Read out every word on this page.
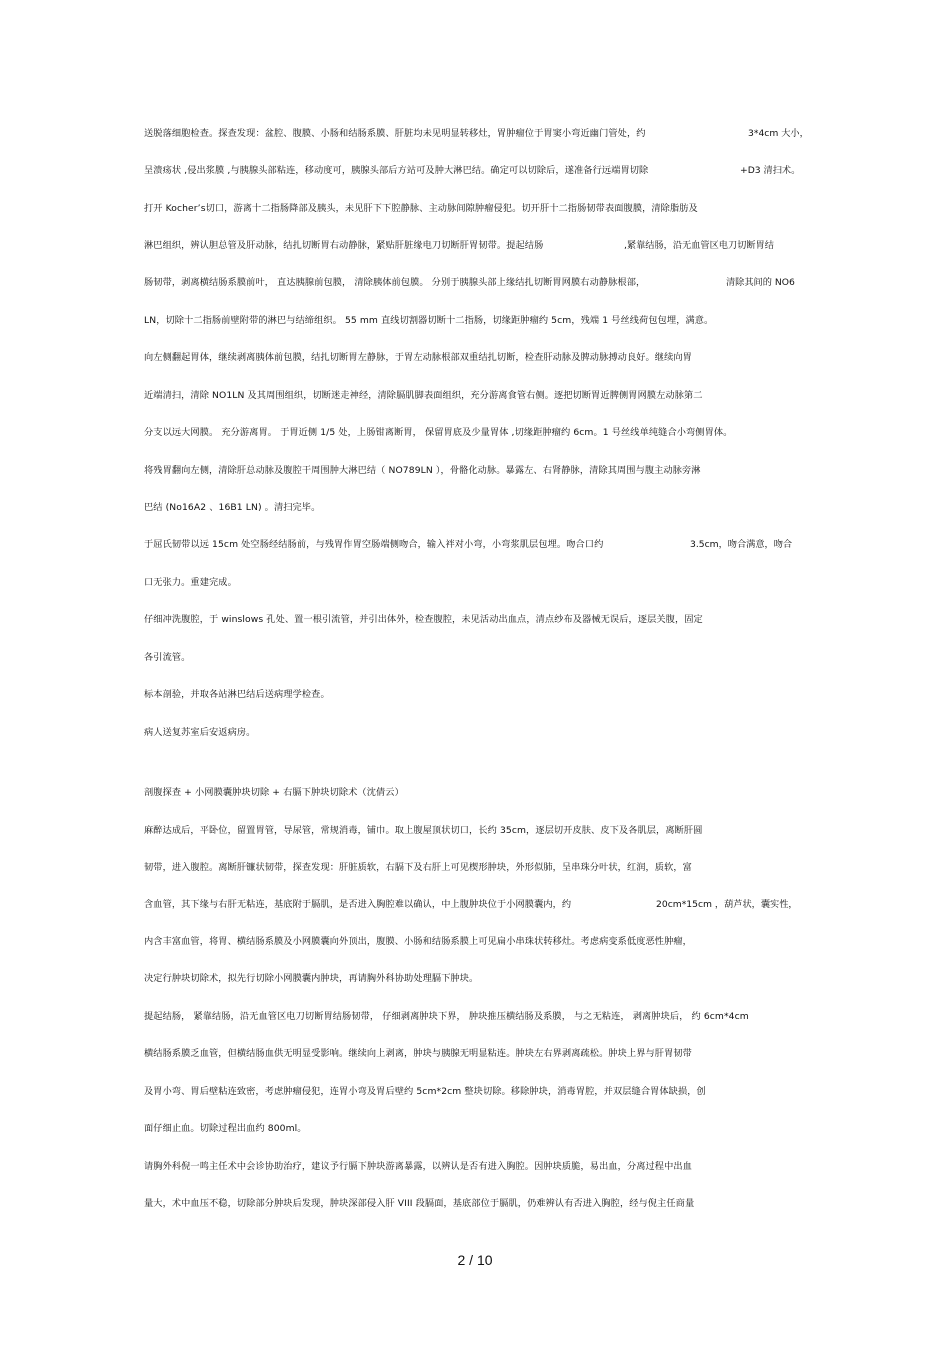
送脱落细胞检查。探查发现：盆腔、腹膜、小肠和结肠系膜、肝脏均未见明显转移灶，胃肿瘤位于胃窦小弯近幽门管处，约	3*4cm 大小，
呈溃疡状 ,侵出浆膜 ,与胰腺头部粘连，移动度可，胰腺头部后方站可及肿大淋巴结。确定可以切除后，遂准备行远端胃切除	+D3 清扫术。
打开 Kocher’s切口，游离十二指肠降部及胰头，未见肝下下腔静脉、主动脉间隙肿瘤侵犯。切开肝十二指肠韧带表面腹膜，清除脂肪及
淋巴组织，辨认胆总管及肝动脉，结扎切断胃右动静脉，紧贴肝脏缘电刀切断肝胃韧带。提起结肠	,紧靠结肠，沿无血管区电刀切断胃结
肠韧带，剥离横结肠系膜前叶， 直达胰腺前包膜， 清除胰体前包膜。 分别于胰腺头部上缘结扎切断胃网膜右动静脉根部，	清除其间的 NO6
LN，切除十二指肠前壁附带的淋巴与结缔组织。 55 mm 直线切割器切断十二指肠，切缘距肿瘤约 5cm，残端 1 号丝线荷包包埋，满意。
向左侧翻起胃体，继续剥离胰体前包膜，结扎切断胃左静脉，于胃左动脉根部双重结扎切断，检查肝动脉及脾动脉搏动良好。继续向胃
近端清扫，清除 NO1LN 及其周围组织，切断迷走神经，清除膈肌脚表面组织，充分游离食管右侧。逐把切断胃近脾侧胃网膜左动脉第二
分支以远大网膜。 充分游离胃。 于胃近侧 1/5 处，上肠钳离断胃， 保留胃底及少量胃体 ,切缘距肿瘤约 6cm。1 号丝线单纯缝合小弯侧胃体。
将残胃翻向左侧，清除肝总动脉及腹腔干周围肿大淋巴结（ NO789LN ），骨骼化动脉。暴露左、右肾静脉，清除其周围与腹主动脉旁淋
巴结 (No16A2 、16B1 LN) 。清扫完毕。
于屈氏韧带以远 15cm 处空肠经结肠前，与残胃作胃空肠端侧吻合，输入袢对小弯，小弯浆肌层包埋。吻合口约	3.5cm，吻合满意，吻合
口无张力。重建完成。
仔细冲洗腹腔，于 winslows 孔处、置一根引流管，并引出体外，检查腹腔，未见活动出血点，清点纱布及器械无误后，逐层关腹，固定
各引流管。
标本剖验，并取各站淋巴结后送病理学检查。
病人送复苏室后安返病房。
剖腹探查 + 小网膜囊肿块切除 + 右膈下肿块切除术（沈倩云）
麻醉达成后，平卧位，留置胃管，导尿管，常规消毒，铺巾。取上腹屋顶状切口，长约 35cm，逐层切开皮肤、皮下及各肌层，离断肝圆
韧带，进入腹腔。离断肝镰状韧带，探查发现：肝脏质软，右膈下及右肝上可见楔形肿块，外形似肺，呈串珠分叶状，红润，质软，富
含血管，其下缘与右肝无粘连，基底附于膈肌，是否进入胸腔难以确认，中上腹肿块位于小网膜囊内，约	20cm*15cm ，葫芦状，囊实性，
内含丰富血管，将胃、横结肠系膜及小网膜囊向外顶出，腹膜、小肠和结肠系膜上可见扁小串珠状转移灶。考虑病变系低度恶性肿瘤，
决定行肿块切除术，拟先行切除小网膜囊内肿块，再请胸外科协助处理膈下肿块。
提起结肠， 紧靠结肠，沿无血管区电刀切断胃结肠韧带， 仔细剥离肿块下界， 肿块推压横结肠及系膜， 与之无粘连， 剥离肿块后， 约 6cm*4cm
横结肠系膜乏血管，但横结肠血供无明显受影响。继续向上剥离，肿块与胰腺无明显粘连。肿块左右界剥离疏松。肿块上界与肝胃韧带
及胃小弯、胃后壁粘连致密，考虑肿瘤侵犯，连胃小弯及胃后壁约 5cm*2cm 整块切除。移除肿块，消毒胃腔，并双层缝合胃体缺损，创
面仔细止血。切除过程出血约 800ml。
请胸外科倪一鸣主任术中会诊协助治疗，建议予行膈下肿块游离暴露，以辨认是否有进入胸腔。因肿块质脆，易出血，分离过程中出血
量大，术中血压不稳，切除部分肿块后发现，肿块深部侵入肝 VIII 段膈面，基底部位于膈肌，仍难辨认有否进入胸腔，经与倪主任商量
2 / 10
